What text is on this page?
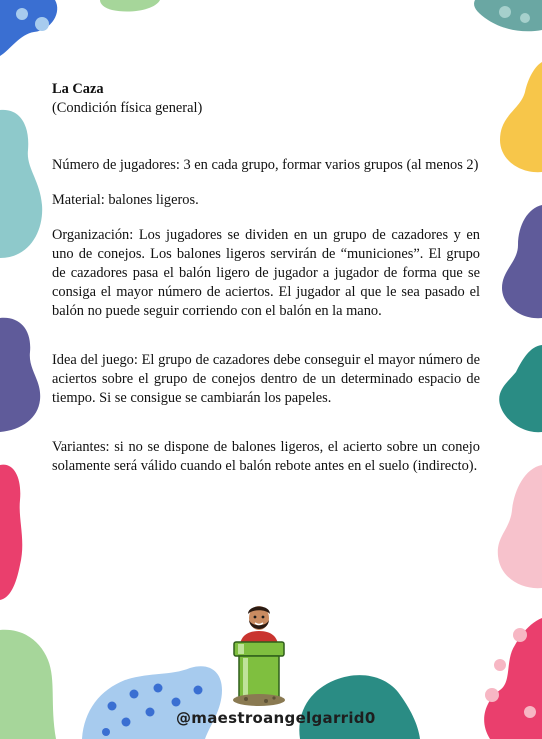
La Caza

(Condición física general)

Número de jugadores: 3 en cada grupo, formar varios grupos (al menos 2)

Material: balones ligeros.

Organización: Los jugadores se dividen en un grupo de cazadores y en uno de conejos. Los balones ligeros servirán de “municiones”. El grupo de cazadores pasa el balón ligero de jugador a jugador de forma que se consiga el mayor número de aciertos. El jugador al que le sea pasado el balón no puede seguir corriendo con el balón en la mano.

Idea del juego: El grupo de cazadores debe conseguir el mayor número de aciertos sobre el grupo de conejos dentro de un determinado espacio de tiempo. Si se consigue se cambiarán los papeles.

Variantes: si no se dispone de balones ligeros, el acierto sobre un conejo solamente será válido cuando el balón rebote antes en el suelo (indirecto).

@maestroangelgarrid0
